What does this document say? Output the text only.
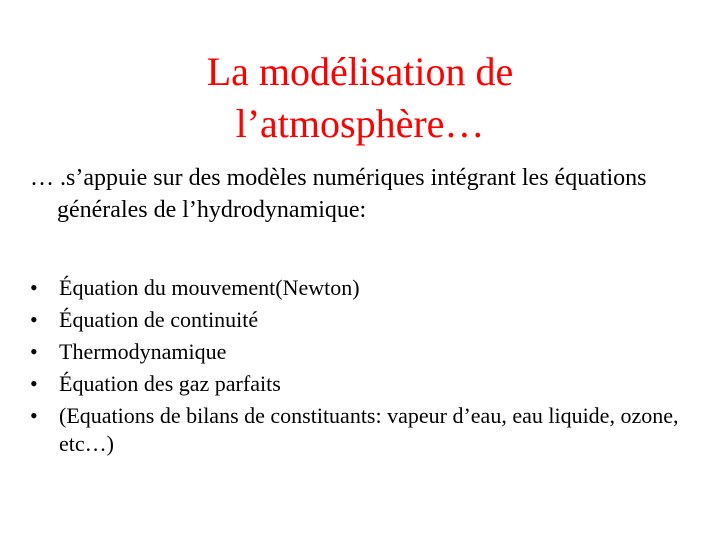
La modélisation de
l’atmosphère…

… .s’appuie sur des modèles numériques intégrant les équations générales de l’hydrodynamique:

• Équation du mouvement(Newton)
• Équation de continuité
• Thermodynamique
• Équation des gaz parfaits
• (Equations de bilans de constituants: vapeur d’eau, eau liquide, ozone, etc…)
